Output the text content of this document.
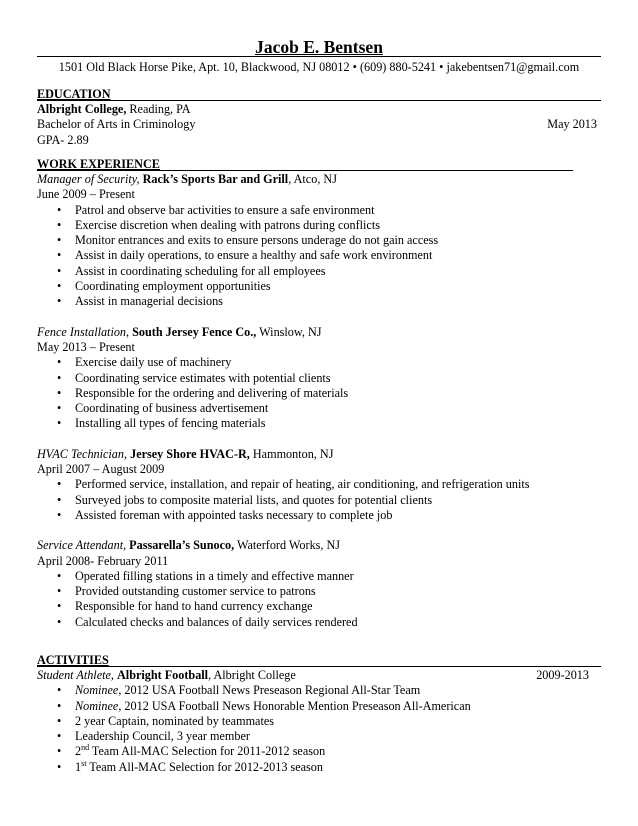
Jacob E. Bentsen
1501 Old Black Horse Pike, Apt. 10, Blackwood, NJ 08012 • (609) 880-5241 • jakebentsen71@gmail.com
EDUCATION
Albright College, Reading, PA
Bachelor of Arts in Criminology	May 2013
GPA- 2.89
WORK EXPERIENCE
Manager of Security, Rack’s Sports Bar and Grill, Atco, NJ
June 2009 – Present
• Patrol and observe bar activities to ensure a safe environment
• Exercise discretion when dealing with patrons during conflicts
• Monitor entrances and exits to ensure persons underage do not gain access
• Assist in daily operations, to ensure a healthy and safe work environment
• Assist in coordinating scheduling for all employees
• Coordinating employment opportunities
• Assist in managerial decisions
Fence Installation, South Jersey Fence Co., Winslow, NJ
May 2013 – Present
• Exercise daily use of machinery
• Coordinating service estimates with potential clients
• Responsible for the ordering and delivering of materials
• Coordinating of business advertisement
• Installing all types of fencing materials
HVAC Technician, Jersey Shore HVAC-R, Hammonton, NJ
April 2007 – August 2009
• Performed service, installation, and repair of heating, air conditioning, and refrigeration units
• Surveyed jobs to composite material lists, and quotes for potential clients
• Assisted foreman with appointed tasks necessary to complete job
Service Attendant, Passarella’s Sunoco, Waterford Works, NJ
April 2008- February 2011
• Operated filling stations in a timely and effective manner
• Provided outstanding customer service to patrons
• Responsible for hand to hand currency exchange
• Calculated checks and balances of daily services rendered
ACTIVITIES
Student Athlete, Albright Football, Albright College	2009-2013
• Nominee, 2012 USA Football News Preseason Regional All-Star Team
• Nominee, 2012 USA Football News Honorable Mention Preseason All-American
• 2 year Captain, nominated by teammates
• Leadership Council, 3 year member
• 2nd Team All-MAC Selection for 2011-2012 season
• 1st Team All-MAC Selection for 2012-2013 season
